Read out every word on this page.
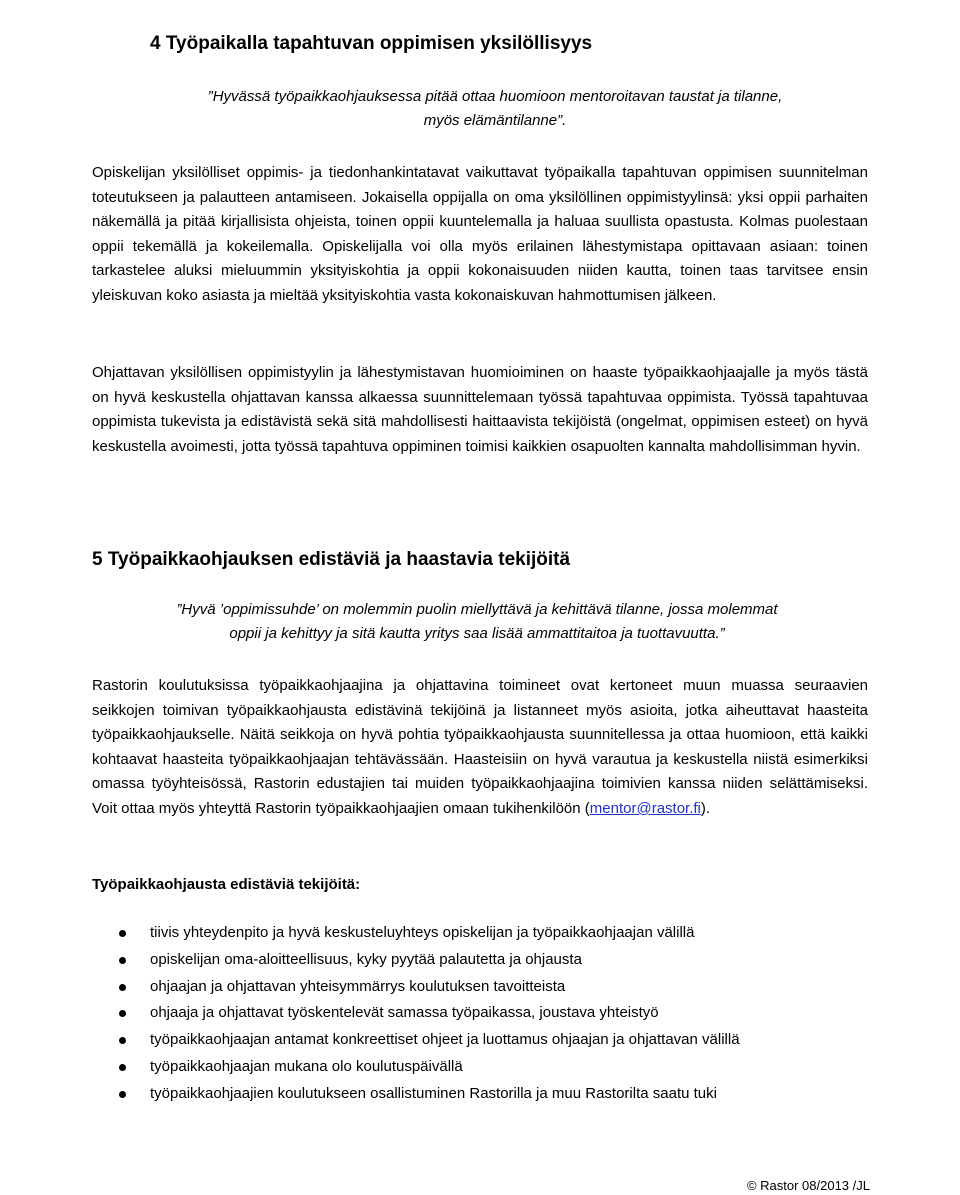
4 Työpaikalla tapahtuvan oppimisen yksilöllisyys
”Hyvässä työpaikkaohjauksessa pitää ottaa huomioon mentoroitavan taustat ja tilanne,
myös elämäntilanne”.

Opiskelijan yksilölliset oppimis- ja tiedonhankintatavat vaikuttavat työpaikalla tapahtuvan oppimisen suunnitelman toteutukseen ja palautteen antamiseen. Jokaisella oppijalla on oma yksilöllinen oppimistyylinsä: yksi oppii parhaiten näkemällä ja pitää kirjallisista ohjeista, toinen oppii kuuntelemalla ja haluaa suullista opastusta. Kolmas puolestaan oppii tekemällä ja kokeilemalla. Opiskelijalla voi olla myös erilainen lähestymistapa opittavaan asiaan: toinen tarkastelee aluksi mieluummin yksityiskohtia ja oppii kokonaisuuden niiden kautta, toinen taas tarvitsee ensin yleiskuvan koko asiasta ja mieltää yksityiskohtia vasta kokonaiskuvan hahmottumisen jälkeen.

Ohjattavan yksilöllisen oppimistyylin ja lähestymistavan huomioiminen on haaste työpaikkaohjaajalle ja myös tästä on hyvä keskustella ohjattavan kanssa alkaessa suunnittelemaan työssä tapahtuvaa oppimista. Työssä tapahtuvaa oppimista tukevista ja edistävistä sekä sitä mahdollisesti haittaavista tekijöistä (ongelmat, oppimisen esteet) on hyvä keskustella avoimesti, jotta työssä tapahtuva oppiminen toimisi kaikkien osapuolten kannalta mahdollisimman hyvin.

5 Työpaikkaohjauksen edistäviä ja haastavia tekijöitä
”Hyvä ’oppimissuhde’ on molemmin puolin miellyttävä ja kehittävä tilanne, jossa molemmat
oppii ja kehittyy ja sitä kautta yritys saa lisää ammattitaitoa ja tuottavuutta.”

Rastorin koulutuksissa työpaikkaohjaajina ja ohjattavina toimineet ovat kertoneet muun muassa seuraavien seikkojen toimivan työpaikkaohjausta edistävinä tekijöinä ja listanneet myös asioita, jotka aiheuttavat haasteita työpaikkaohjaukselle. Näitä seikkoja on hyvä pohtia työpaikkaohjausta suunnitellessa ja ottaa huomioon, että kaikki kohtaavat haasteita työpaikkaohjaajan tehtävässään. Haasteisiin on hyvä varautua ja keskustella niistä esimerkiksi omassa työyhteisössä, Rastorin edustajien tai muiden työpaikkaohjaajina toimivien kanssa niiden selättämiseksi. Voit ottaa myös yhteyttä Rastorin työpaikkaohjaajien omaan tukihenkilöön (mentor@rastor.fi).

Työpaikkaohjausta edistäviä tekijöitä:
tiivis yhteydenpito ja hyvä keskusteluyhteys opiskelijan ja työpaikkaohjaajan välillä
opiskelijan oma-aloitteellisuus, kyky pyytää palautetta ja ohjausta
ohjaajan ja ohjattavan yhteisymmärrys koulutuksen tavoitteista
ohjaaja ja ohjattavat työskentelevät samassa työpaikassa, joustava yhteistyö
työpaikkaohjaajan antamat konkreettiset ohjeet ja luottamus ohjaajan ja ohjattavan välillä
työpaikkaohjaajan mukana olo koulutuspäivällä
työpaikkaohjaajien koulutukseen osallistuminen Rastorilla ja muu Rastorilta saatu tuki
© Rastor 08/2013 /JL
